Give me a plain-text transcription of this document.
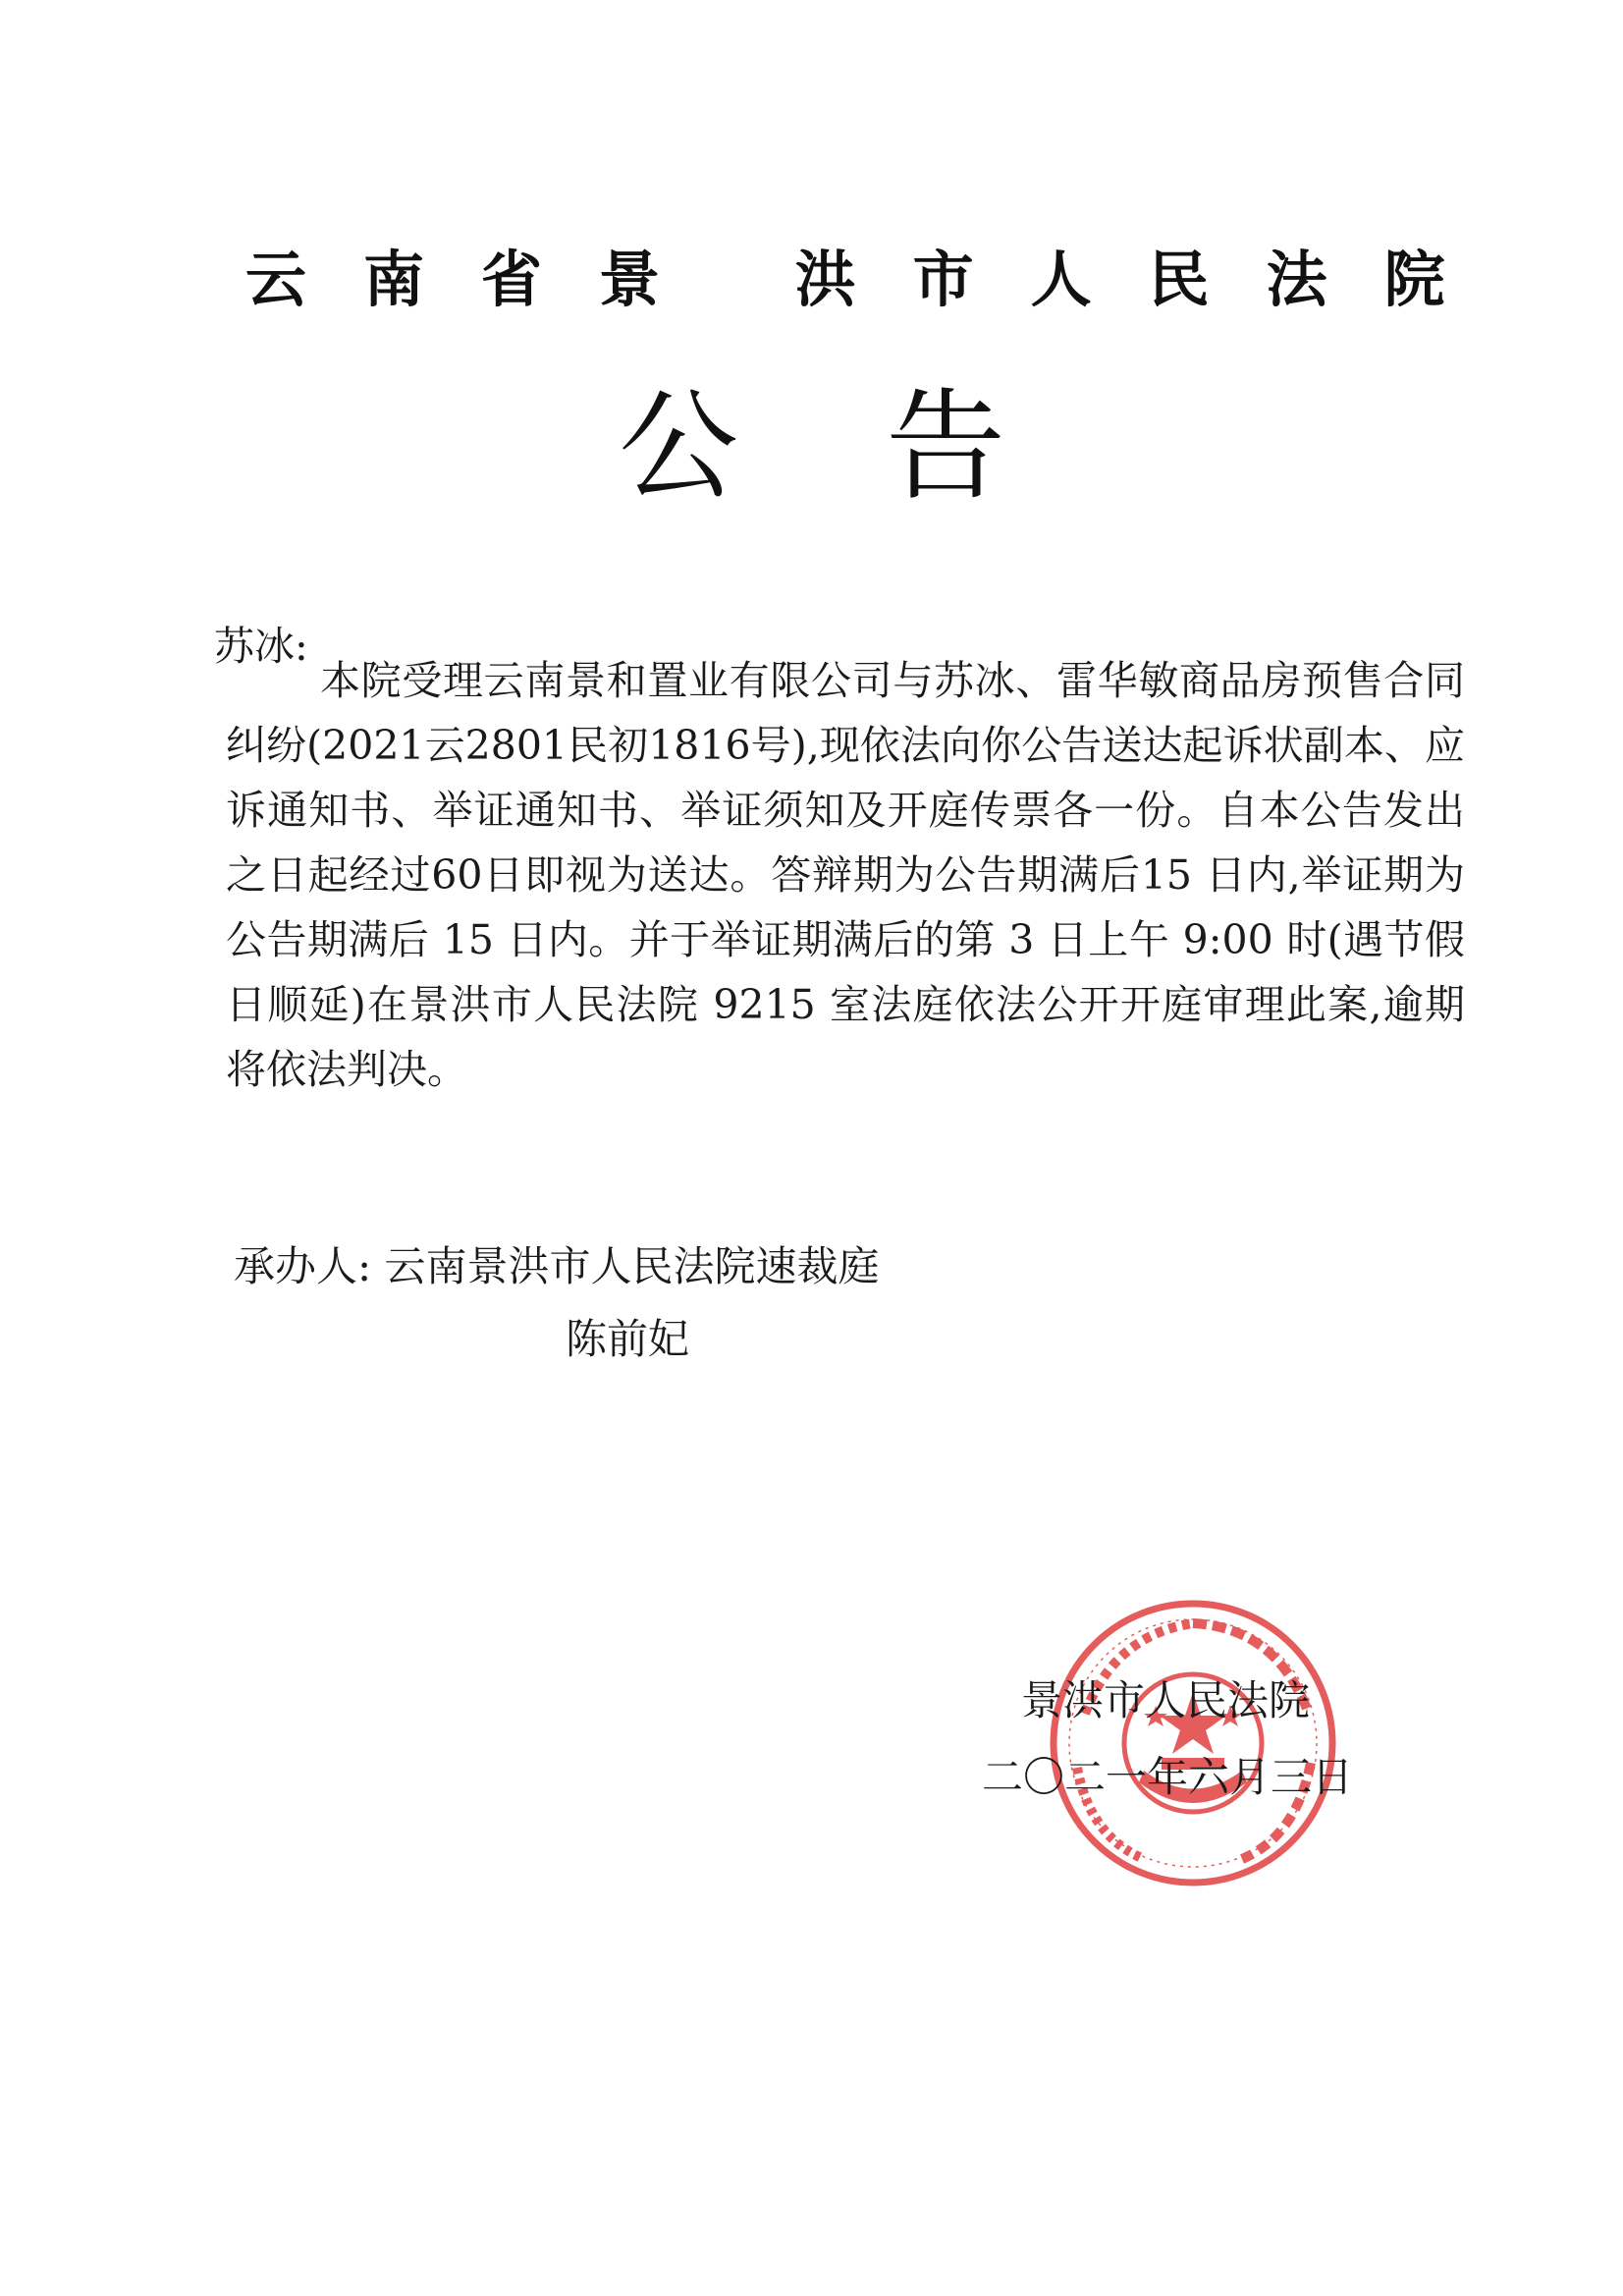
云南省景 洪市人民法院
公告
苏冰:
本院受理云南景和置业有限公司与苏冰、雷华敏商品房预售合同纠纷(2021云2801民初1816号),现依法向你公告送达起诉状副本、应诉通知书、举证通知书、举证须知及开庭传票各一份。自本公告发出之日起经过60日即视为送达。答辩期为公告期满后15 日内,举证期为公告期满后 15 日内。并于举证期满后的第 3 日上午 9:00 时(遇节假日顺延)在景洪市人民法院 9215 室法庭依法公开开庭审理此案,逾期将依法判决。
承办人: 云南景洪市人民法院速裁庭
陈前妃
景洪市人民法院
二〇二一年六月三日
